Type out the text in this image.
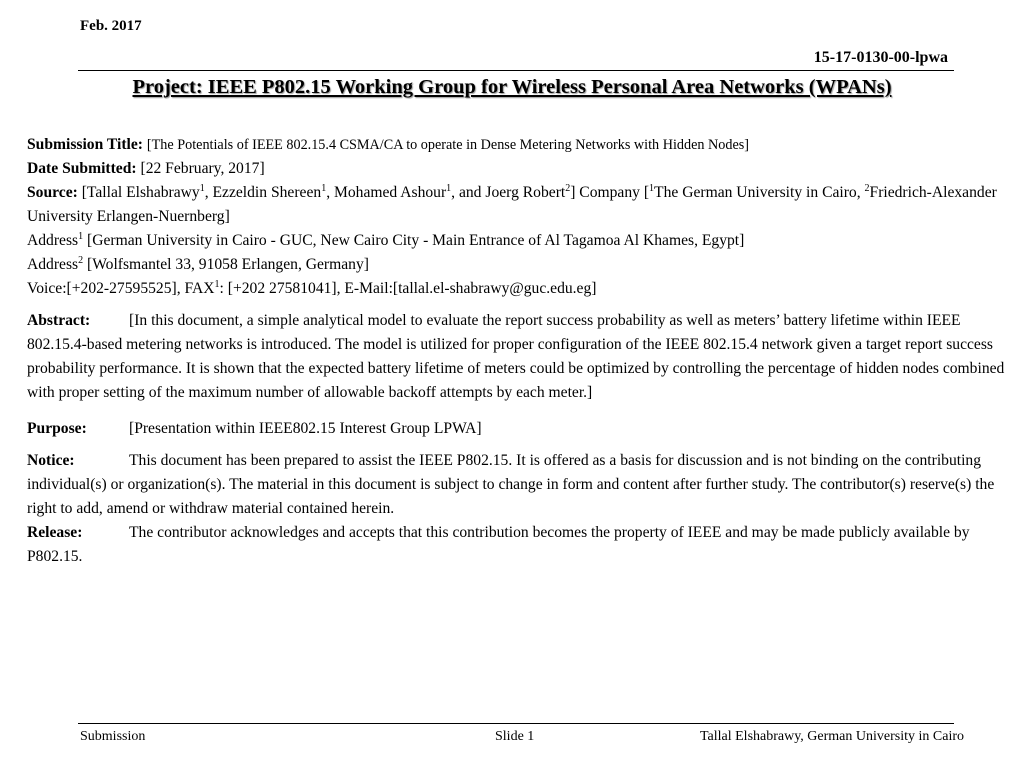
Feb. 2017
15-17-0130-00-lpwa
Project: IEEE P802.15 Working Group for Wireless Personal Area Networks (WPANs)

Submission Title: [The Potentials of IEEE 802.15.4 CSMA/CA to operate in Dense Metering Networks with Hidden Nodes]

Date Submitted: [22 February, 2017]

Source: [Tallal Elshabrawy$^1$, Ezzeldin Shereen$^1$, Mohamed Ashour$^1$, and Joerg Robert$^2$] Company [$^1$The German University in Cairo, $^2$Friedrich-Alexander University Erlangen-Nuernberg]

Address$^1$ [German University in Cairo - GUC, New Cairo City - Main Entrance of Al Tagamoa Al Khames, Egypt]

Address$^2$ [Wolfsmantel 33, 91058 Erlangen, Germany]

Voice:[+202-27595525], FAX$^1$: [+202 27581041], E-Mail:[tallal.el-shabrawy@guc.edu.eg]

Abstract: [In this document, a simple analytical model to evaluate the report success probability as well as meters’ battery lifetime within IEEE 802.15.4-based metering networks is introduced. The model is utilized for proper configuration of the IEEE 802.15.4 network given a target report success probability performance. It is shown that the expected battery lifetime of meters could be optimized by controlling the percentage of hidden nodes combined with proper setting of the maximum number of allowable backoff attempts by each meter.]

Purpose:	[Presentation within IEEE802.15 Interest Group LPWA]

Notice:	This document has been prepared to assist the IEEE P802.15. It is offered as a basis for discussion and is not binding on the contributing individual(s) or organization(s). The material in this document is subject to change in form and content after further study. The contributor(s) reserve(s) the right to add, amend or withdraw material contained herein.

Release:	The contributor acknowledges and accepts that this contribution becomes the property of IEEE and may be made publicly available by P802.15.

Submission	Slide 1	Tallal Elshabrawy, German University in Cairo
